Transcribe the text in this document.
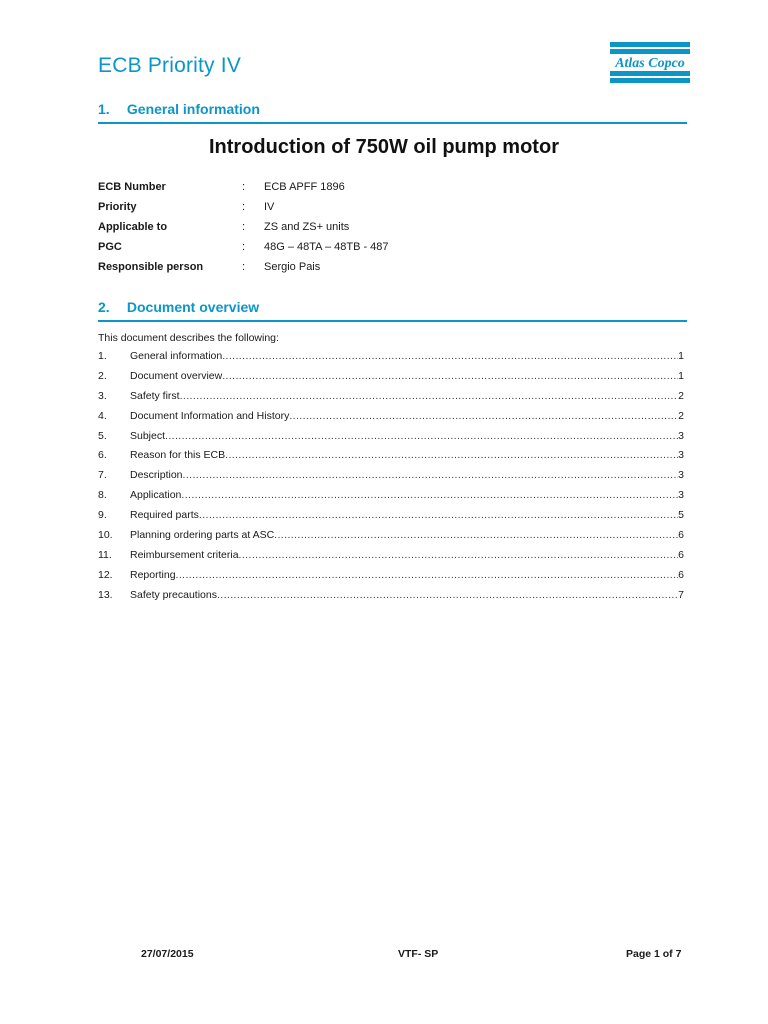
ECB Priority IV	Atlas Copco
1. General information
Introduction of 750W oil pump motor
ECB Number	: ECB APFF 1896
Priority	: IV
Applicable to	: ZS and ZS+ units
PGC	: 48G – 48TA – 48TB - 487
Responsible person	: Sergio Pais
2. Document overview
This document describes the following:
1.	General information .....	1
2.	Document overview .....	1
3.	Safety first .....	2
4.	Document Information and History .....	2
5.	Subject .....	3
6.	Reason for this ECB .....	3
7.	Description .....	3
8.	Application .....	3
9.	Required parts .....	5
10.	Planning ordering parts at ASC .....	6
11.	Reimbursement criteria .....	6
12.	Reporting .....	6
13.	Safety precautions .....	7
27/07/2015	VTF- SP	Page 1 of 7
